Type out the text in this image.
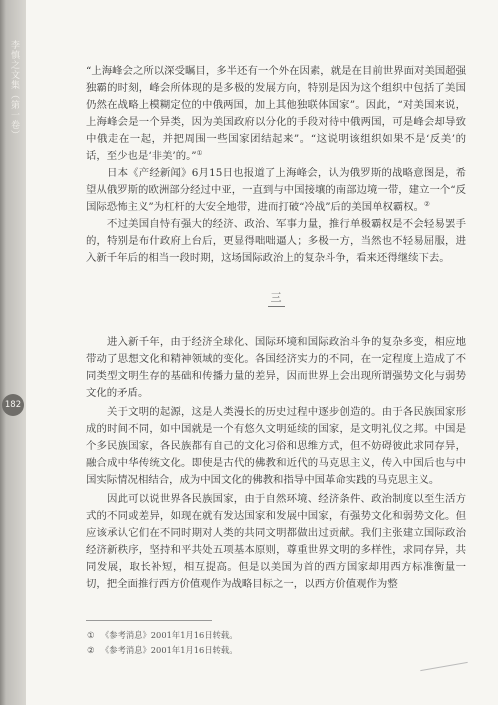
李慎之文集（第一卷）
182

“上海峰会之所以深受瞩目，多半还有一个外在因素，就是在目前世界面对美国超强独霸的时刻，峰会所体现的是多极的发展方向，特别是因为这个组织中包括了美国仍然在战略上模糊定位的中俄两国，加上其他独联体国家”。因此，“对美国来说，上海峰会是一个异类，因为美国政府以分化的手段对待中俄两国，可是峰会却导致中俄走在一起，并把周围一些国家团结起来”。“这说明该组织如果不是‘反美’的话，至少也是‘非美’的。”①

日本《产经新闻》6月15日也报道了上海峰会，认为俄罗斯的战略意图是，希望从俄罗斯的欧洲部分经过中亚，一直到与中国接壤的南部边境一带，建立一个“反国际恐怖主义”为杠杆的大安全地带，进而打破“冷战”后的美国单权霸权。②

不过美国自恃有强大的经济、政治、军事力量，推行单极霸权是不会轻易罢手的，特别是布什政府上台后，更显得咄咄逼人；多极一方，当然也不轻易屈服，进入新千年后的相当一段时期，这场国际政治上的复杂斗争，看来还得继续下去。

三

进入新千年，由于经济全球化、国际环境和国际政治斗争的复杂多变，相应地带动了思想文化和精神领域的变化。各国经济实力的不同，在一定程度上造成了不同类型文明生存的基础和传播力量的差异，因而世界上会出现所谓强势文化与弱势文化的矛盾。

关于文明的起源，这是人类漫长的历史过程中逐步创造的。由于各民族国家形成的时间不同，如中国就是一个有悠久文明延续的国家，是文明礼仪之邦。中国是个多民族国家，各民族都有自己的文化习俗和思维方式，但不妨碍彼此求同存异，融合成中华传统文化。即使是古代的佛教和近代的马克思主义，传入中国后也与中国实际情况相结合，成为中国文化的佛教和指导中国革命实践的马克思主义。

因此可以说世界各民族国家，由于自然环境、经济条件、政治制度以至生活方式的不同或差异，如现在就有发达国家和发展中国家，有强势文化和弱势文化。但应该承认它们在不同时期对人类的共同文明都做出过贡献。我们主张建立国际政治经济新秩序，坚持和平共处五项基本原则，尊重世界文明的多样性，求同存异，共同发展，取长补短，相互提高。但是以美国为首的西方国家却用西方标准衡量一切，把全面推行西方价值观作为战略目标之一，以西方价值观作为整

① 《参考消息》2001年1月16日转载。
② 《参考消息》2001年1月16日转载。
